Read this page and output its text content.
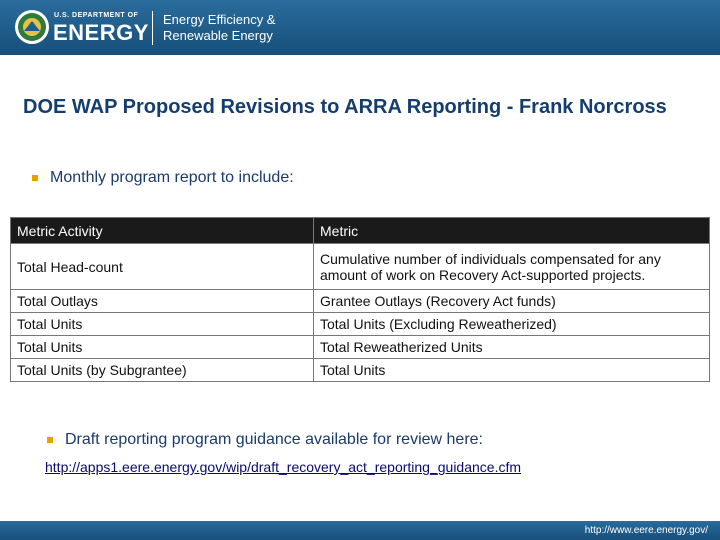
U.S. DEPARTMENT OF
ENERGY
Energy Efficiency &
Renewable Energy
DOE WAP Proposed Revisions to ARRA Reporting - Frank Norcross
Monthly program report to include:
Metric Activity	Metric
Total Head-count	Cumulative number of individuals compensated for any amount of work on Recovery Act-supported projects.
Total Outlays	Grantee Outlays (Recovery Act funds)
Total Units	Total Units (Excluding Reweatherized)
Total Units	Total Reweatherized Units
Total Units (by Subgrantee)	Total Units
Draft reporting program guidance available for review here:
http://apps1.eere.energy.gov/wip/draft_recovery_act_reporting_guidance.cfm
http://www.eere.energy.gov/
